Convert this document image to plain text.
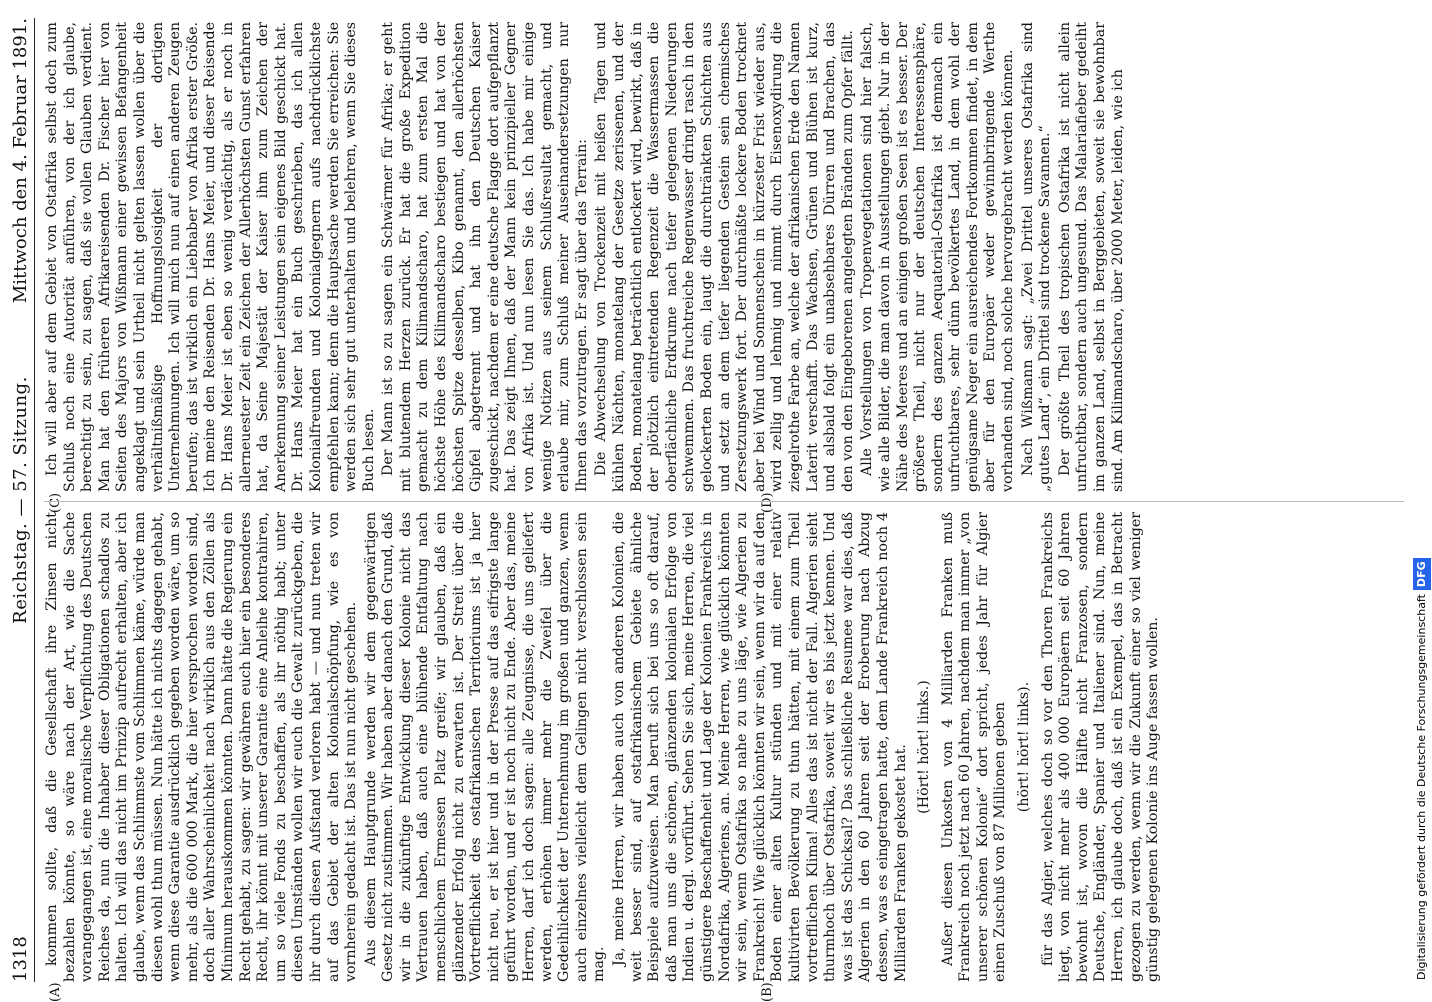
1318
Reichstag. — 57. Sitzung.
Mittwoch den 4. Februar 1891.
(A)	(B)
(C)	(D)

kommen sollte, daß die Gesellschaft ihre Zinsen nicht bezahlen könnte, so wäre nach der Art, wie die Sache vorangegangen ist, eine moralische Verpflichtung des Deutschen Reiches da, nun die Inhaber dieser Obligationen schadlos zu halten. Ich will das nicht im Prinzip aufrecht erhalten, aber ich glaube, wenn das Schlimmste vom Schlimmen käme, würde man diesen wohl thun müssen. Nun hätte ich nichts dagegen gehabt, wenn diese Garantie ausdrücklich gegeben worden wäre, um so mehr, als die 600 000 Mark, die hier versprochen worden sind, doch aller Wahrscheinlichkeit nach wirklich aus den Zöllen als Minimum herauskommen könnten. Dann hätte die Regierung ein Recht gehabt, zu sagen: wir gewähren euch hier ein besonderes Recht, ihr könnt mit unserer Garantie eine Anleihe kontrahiren, um so viele Fonds zu beschaffen, als ihr nöthig habt; unter diesen Umständen wollen wir euch die Gewalt zurückgeben, die ihr durch diesen Aufstand verloren habt — und nun treten wir auf das Gebiet der alten Kolonialschöpfung, wie es von vornherein gedacht ist. Das ist nun nicht geschehen. Aus diesem Hauptgrunde werden wir dem gegenwärtigen Gesetz nicht zustimmen. Wir haben aber danach den Grund, daß wir in die zukünftige Entwicklung dieser Kolonie nicht das Vertrauen haben, daß auch eine blühende Entfaltung nach menschlichem Ermessen Platz greife; wir glauben, daß ein glänzender Erfolg nicht zu erwarten ist. Der Streit über die Vortrefflichkeit des ostafrikanischen Territoriums ist ja hier nicht neu, er ist hier und in der Presse auf das eifrigste lange geführt worden, und er ist noch nicht zu Ende. Aber das, meine Herren, darf ich doch sagen: alle Zeugnisse, die uns geliefert werden, erhöhen immer mehr die Zweifel über die Gedeihlichkeit der Unternehmung im großen und ganzen, wenn auch einzelnes vielleicht dem Gelingen nicht verschlossen sein mag. Ja, meine Herren, wir haben auch von anderen Kolonien, die weit besser sind, auf ostafrikanischem Gebiete ähnliche Beispiele aufzuweisen. Man beruft sich bei uns so oft darauf, daß man uns die schönen, glänzenden kolonialen Erfolge von Indien u. dergl. vorführt. Sehen Sie sich, meine Herren, die viel günstigere Beschaffenheit und Lage der Kolonien Frankreichs in Nordafrika, Algeriens, an. Meine Herren, wie glücklich könnten wir sein, wenn Ostafrika so nahe zu uns läge, wie Algerien zu Frankreich! Wie glücklich könnten wir sein, wenn wir da auf den Boden einer alten Kultur stünden und mit einer relativ kultivirten Bevölkerung zu thun hätten, mit einem zum Theil vortrefflichen Klima! Alles das ist nicht der Fall. Algerien sieht thurmhoch über Ostafrika, soweit wir es bis jetzt kennen. Und was ist das Schicksal? Das schließliche Resumee war dies, daß Algerien in den 60 Jahren seit der Eroberung nach Abzug dessen, was es eingetragen hatte, dem Lande Frankreich noch 4 Milliarden Franken gekostet hat. (Hört! hört! links.) Außer diesen Unkosten von 4 Milliarden Franken muß Frankreich noch jetzt nach 60 Jahren, nachdem man immer „von unserer schönen Kolonie“ dort spricht, jedes Jahr für Algier einen Zuschuß von 87 Millionen geben (hört! hört! links). für das Algier, welches doch so vor den Thoren Frankreichs liegt, von nicht mehr als 400 000 Europäern seit 60 Jahren bewohnt ist, wovon die Hälfte nicht Franzosen, sondern Deutsche, Engländer, Spanier und Italiener sind. Nun, meine Herren, ich glaube doch, daß ist ein Exempel, das in Betracht gezogen zu werden, wenn wir die Zukunft einer so viel weniger günstig gelegenen Kolonie ins Auge fassen wollen.

Ich will aber auf dem Gebiet von Ostafrika selbst doch zum Schluß noch eine Autorität anführen, von der ich glaube, berechtigt zu sein, zu sagen, daß sie vollen Glauben verdient. Man hat den früheren Afrikareisenden Dr. Fischer hier von Seiten des Majors von Wißmann einer gewissen Befangenheit angeklagt und sein Urtheil nicht gelten lassen wollen über die verhältnißmäßige Hoffnungslosigkeit der dortigen Unternehmungen. Ich will mich nun auf einen anderen Zeugen berufen; das ist wirklich ein Liebhaber von Afrika erster Größe. Ich meine den Reisenden Dr. Hans Meier, und dieser Reisende Dr. Hans Meier ist eben so wenig verdächtig, als er noch in allerneuester Zeit ein Zeichen der Allerhöchsten Gunst erfahren hat, da Seine Majestät der Kaiser ihm zum Zeichen der Anerkennung seiner Leistungen sein eigenes Bild geschickt hat. Dr. Hans Meier hat ein Buch geschrieben, das ich allen Kolonialfreunden und Kolonialgegnern aufs nachdrücklichste empfehlen kann; denn die Hauptsache werden Sie erreichen: Sie werden sich sehr gut unterhalten und belehren, wenn Sie dieses Buch lesen. Der Mann ist so zu sagen ein Schwärmer für Afrika; er geht mit blutendem Herzen zurück. Er hat die große Expedition gemacht zu dem Kilimandscharo, hat zum ersten Mal die höchste Höhe des Kilimandscharo bestiegen und hat von der höchsten Spitze desselben, Kibo genannt, den allerhöchsten Gipfel abgetrennt und hat ihn den Deutschen Kaiser zugeschickt, nachdem er eine deutsche Flagge dort aufgepflanzt hat. Das zeigt Ihnen, daß der Mann kein prinzipieller Gegner von Afrika ist. Und nun lesen Sie das. Ich habe mir einige wenige Notizen aus seinem Schlußresultat gemacht, und erlaube mir, zum Schluß meiner Auseinandersetzungen nur Ihnen das vorzutragen. Er sagt über das Terrain: Die Abwechselung von Trockenzeit mit heißen Tagen und kühlen Nächten, monatelang der Gesetze zerissenen, und der Boden, monatelang beträchtlich entlockert wird, bewirkt, daß in der plötzlich eintretenden Regenzeit die Wassermassen die oberflächliche Erdkrume nach tiefer gelegenen Niederungen schwemmen. Das fruchtreiche Regenwasser dringt rasch in den gelockerten Boden ein, laugt die durchtränkten Schichten aus und setzt an dem tiefer liegenden Gestein sein chemisches Zersetzungswerk fort. Der durchnäßte lockere Boden trocknet aber bei Wind und Sonnenschein in kürzester Frist wieder aus, wird zellig und lehmig und nimmt durch Eisenoxydirung die ziegelrothe Farbe an, welche der afrikanischen Erde den Namen Laterit verschafft. Das Wachsen, Grünen und Blühen ist kurz, und alsbald folgt ein unabsehbares Dürren und Brachen, das den von den Eingeborenen angelegten Bränden zum Opfer fällt. Alle Vorstellungen von Tropenvegetationen sind hier falsch, wie alle Bilder, die man davon in Ausstellungen giebt. Nur in der Nähe des Meeres und an einigen großen Seen ist es besser. Der größere Theil, nicht nur der deutschen Interessensphäre, sondern des ganzen Aequatorial-Ostafrika ist demnach ein unfruchtbares, sehr dünn bevölkertes Land, in dem wohl der genügsame Neger ein ausreichendes Fortkommen findet, in dem aber für den Europäer weder gewinnbringende Werthe vorhanden sind, noch solche hervorgebracht werden können. Nach Wißmann sagt: „Zwei Drittel unseres Ostafrika sind „gutes Land“, ein Drittel sind trockene Savannen.“ Der größte Theil des tropischen Ostafrika ist nicht allein unfruchtbar, sondern auch ungesund. Das Malariafieber gedeiht im ganzen Land, selbst in Berggebieten, soweit sie bewohnbar sind. Am Kilimandscharo, über 2000 Meter, leiden, wie ich

Digitalisierung gefördert durch die Deutsche ForschungsgemeinschaftDFG
